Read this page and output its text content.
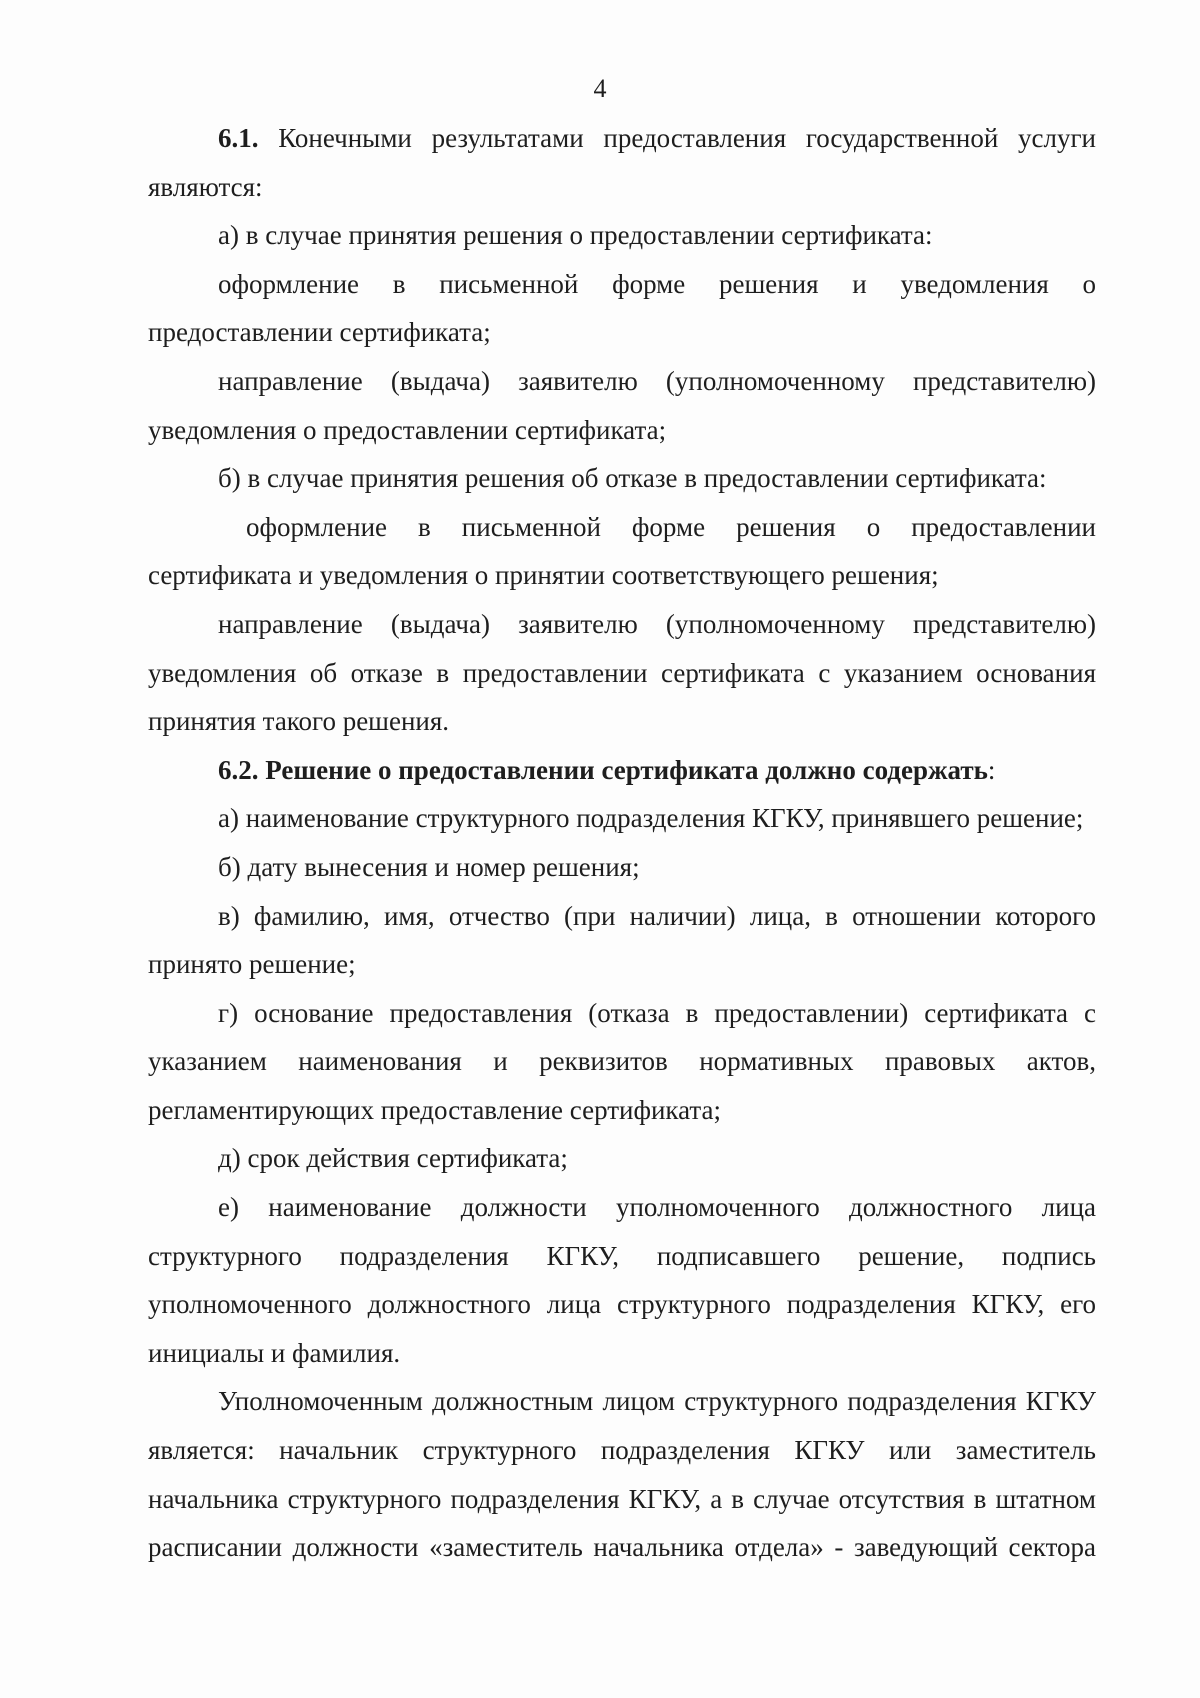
4

6.1. Конечными результатами предоставления государственной услуги являются:

а) в случае принятия решения о предоставлении сертификата:

оформление в письменной форме решения и уведомления о предоставлении сертификата;

направление (выдача) заявителю (уполномоченному представителю) уведомления о предоставлении сертификата;

б) в случае принятия решения об отказе в предоставлении сертификата:

оформление в письменной форме решения о предоставлении сертификата и уведомления о принятии соответствующего решения;

направление (выдача) заявителю (уполномоченному представителю) уведомления об отказе в предоставлении сертификата с указанием основания принятия такого решения.

6.2. Решение о предоставлении сертификата должно содержать:

а) наименование структурного подразделения КГКУ, принявшего решение;

б) дату вынесения и номер решения;

в) фамилию, имя, отчество (при наличии) лица, в отношении которого принято решение;

г) основание предоставления (отказа в предоставлении) сертификата с указанием наименования и реквизитов нормативных правовых актов, регламентирующих предоставление сертификата;

д) срок действия сертификата;

е) наименование должности уполномоченного должностного лица структурного подразделения КГКУ, подписавшего решение, подпись уполномоченного должностного лица структурного подразделения КГКУ, его инициалы и фамилия.

Уполномоченным должностным лицом структурного подразделения КГКУ является: начальник структурного подразделения КГКУ или заместитель начальника структурного подразделения КГКУ, а в случае отсутствия в штатном расписании должности «заместитель начальника отдела» - заведующий сектора
